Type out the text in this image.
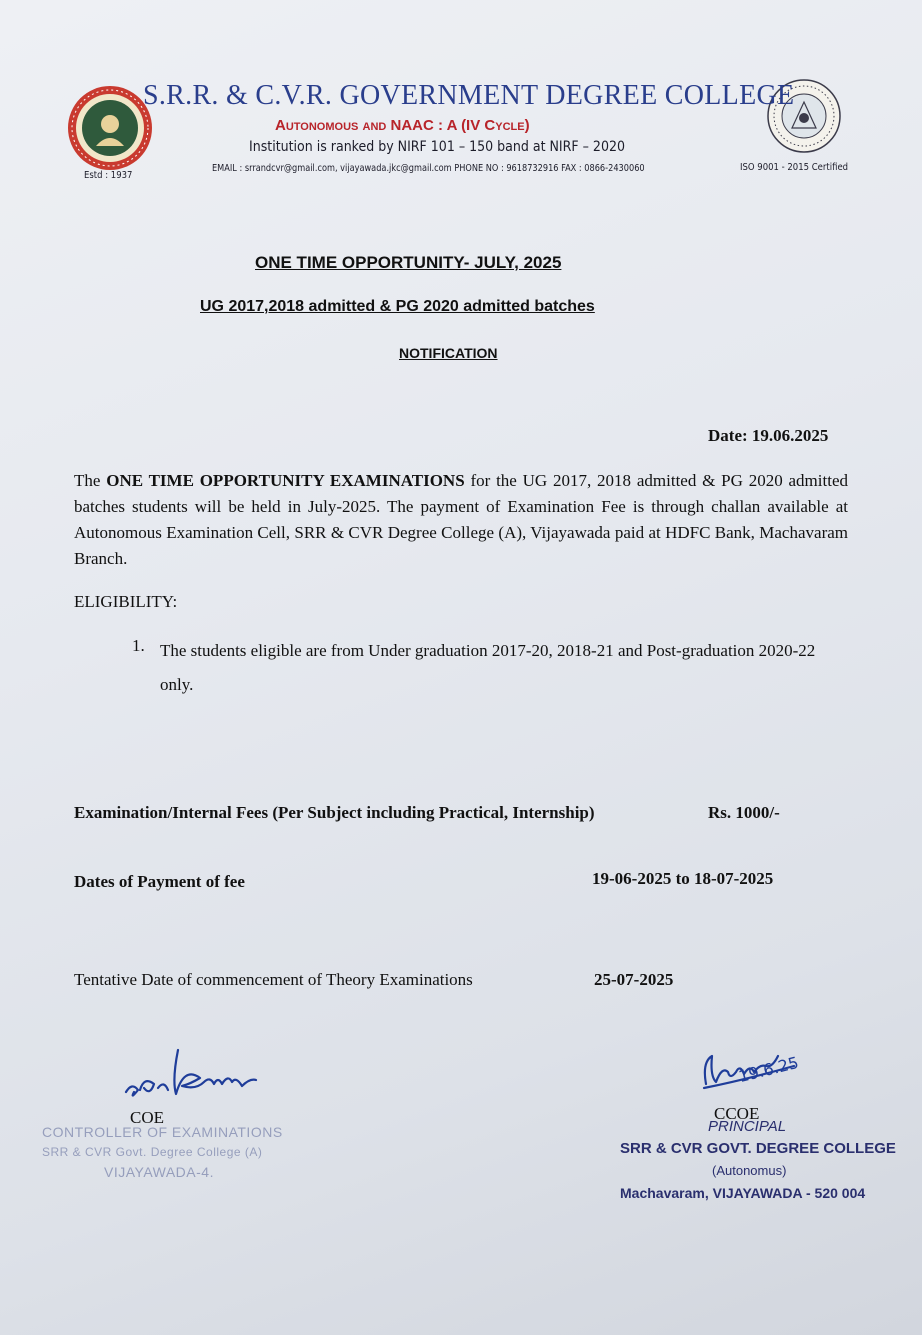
Estd : 1937
S.R.R. & C.V.R. GOVERNMENT DEGREE COLLEGE
Autonomous and NAAC : A (IV Cycle)
Institution is ranked by NIRF 101 – 150 band at NIRF – 2020
EMAIL : srrandcvr@gmail.com, vijayawada.jkc@gmail.com PHONE NO : 9618732916 FAX : 0866-2430060	ISO 9001 - 2015 Certified
ONE TIME OPPORTUNITY- JULY, 2025
UG 2017,2018 admitted & PG 2020 admitted batches
NOTIFICATION
Date: 19.06.2025
The ONE TIME OPPORTUNITY EXAMINATIONS for the UG 2017, 2018 admitted & PG 2020 admitted batches students will be held in July-2025. The payment of Examination Fee is through challan available at Autonomous Examination Cell, SRR & CVR Degree College (A), Vijayawada paid at HDFC Bank, Machavaram Branch.
ELIGIBILITY:
1. The students eligible are from Under graduation 2017-20, 2018-21 and Post-graduation 2020-22 only.
Examination/Internal Fees (Per Subject including Practical, Internship)	Rs. 1000/-
Dates of Payment of fee	19-06-2025 to 18-07-2025
Tentative Date of commencement of Theory Examinations	25-07-2025
COE
CONTROLLER OF EXAMINATIONS
SRR & CVR Govt. Degree College (A)
VIJAYAWADA-4.
19.6.25
CCOE
PRINCIPAL
SRR & CVR GOVT. DEGREE COLLEGE
(Autonomus)
Machavaram, VIJAYAWADA - 520 004
